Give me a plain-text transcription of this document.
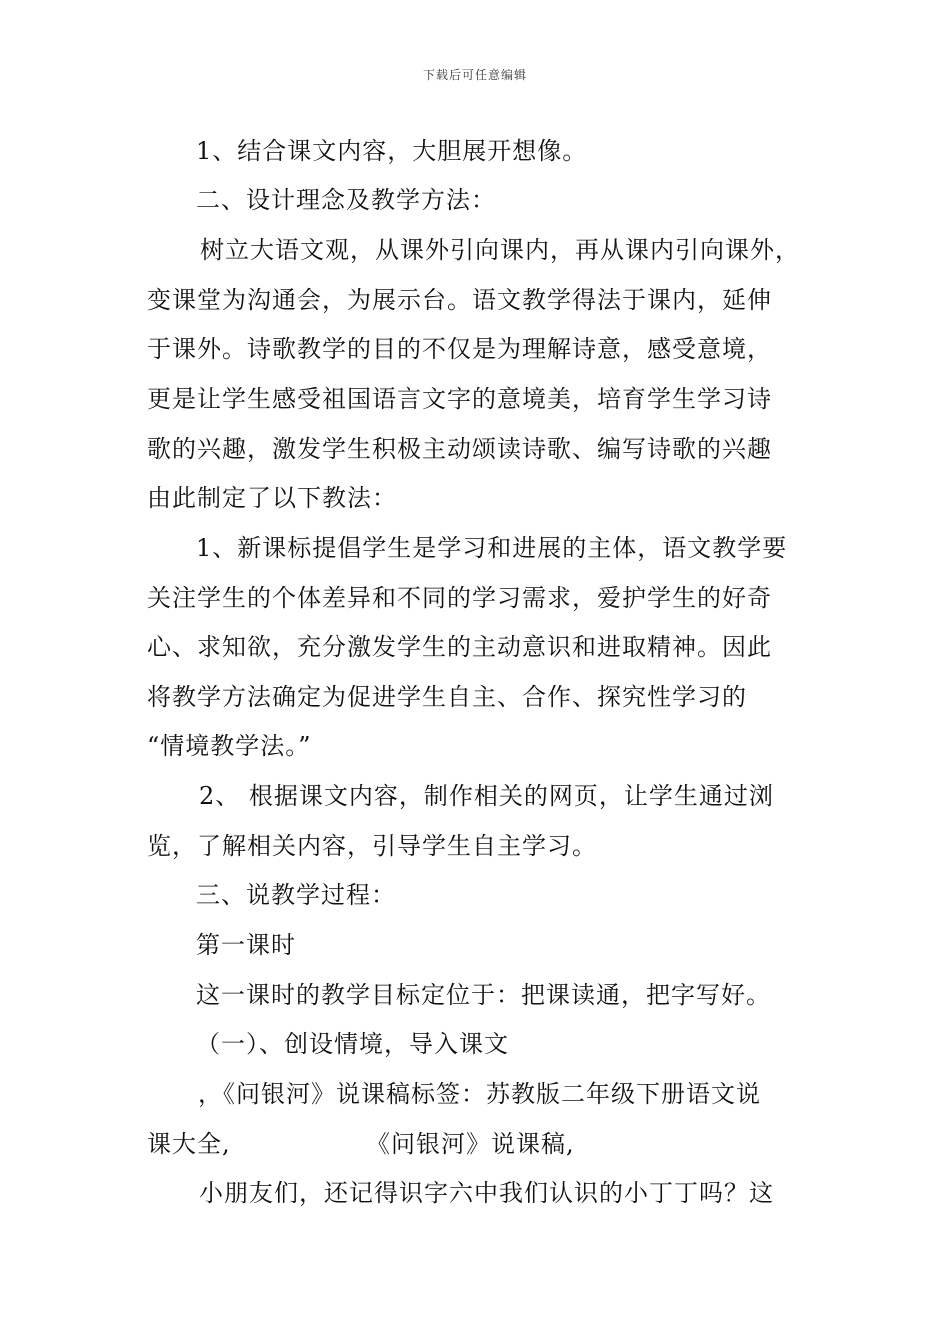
下载后可任意编辑
1、结合课文内容，大胆展开想像。
二、设计理念及教学方法：
树立大语文观，从课外引向课内，再从课内引向课外，
变课堂为沟通会，为展示台。语文教学得法于课内，延伸
于课外。诗歌教学的目的不仅是为理解诗意，感受意境，
更是让学生感受祖国语言文字的意境美，培育学生学习诗
歌的兴趣，激发学生积极主动颂读诗歌、编写诗歌的兴趣
由此制定了以下教法：
1、新课标提倡学生是学习和进展的主体，语文教学要
关注学生的个体差异和不同的学习需求，爱护学生的好奇
心、求知欲，充分激发学生的主动意识和进取精神。因此
将教学方法确定为促进学生自主、合作、探究性学习的
“情境教学法。”
2、 根据课文内容，制作相关的网页，让学生通过浏
览，了解相关内容，引导学生自主学习。
三、说教学过程：
第一课时
这一课时的教学目标定位于：把课读通，把字写好。
（一）、创设情境，导入课文
，《问银河》说课稿标签：苏教版二年级下册语文说
课大全,	《问银河》说课稿,
小朋友们，还记得识字六中我们认识的小丁丁吗？这
